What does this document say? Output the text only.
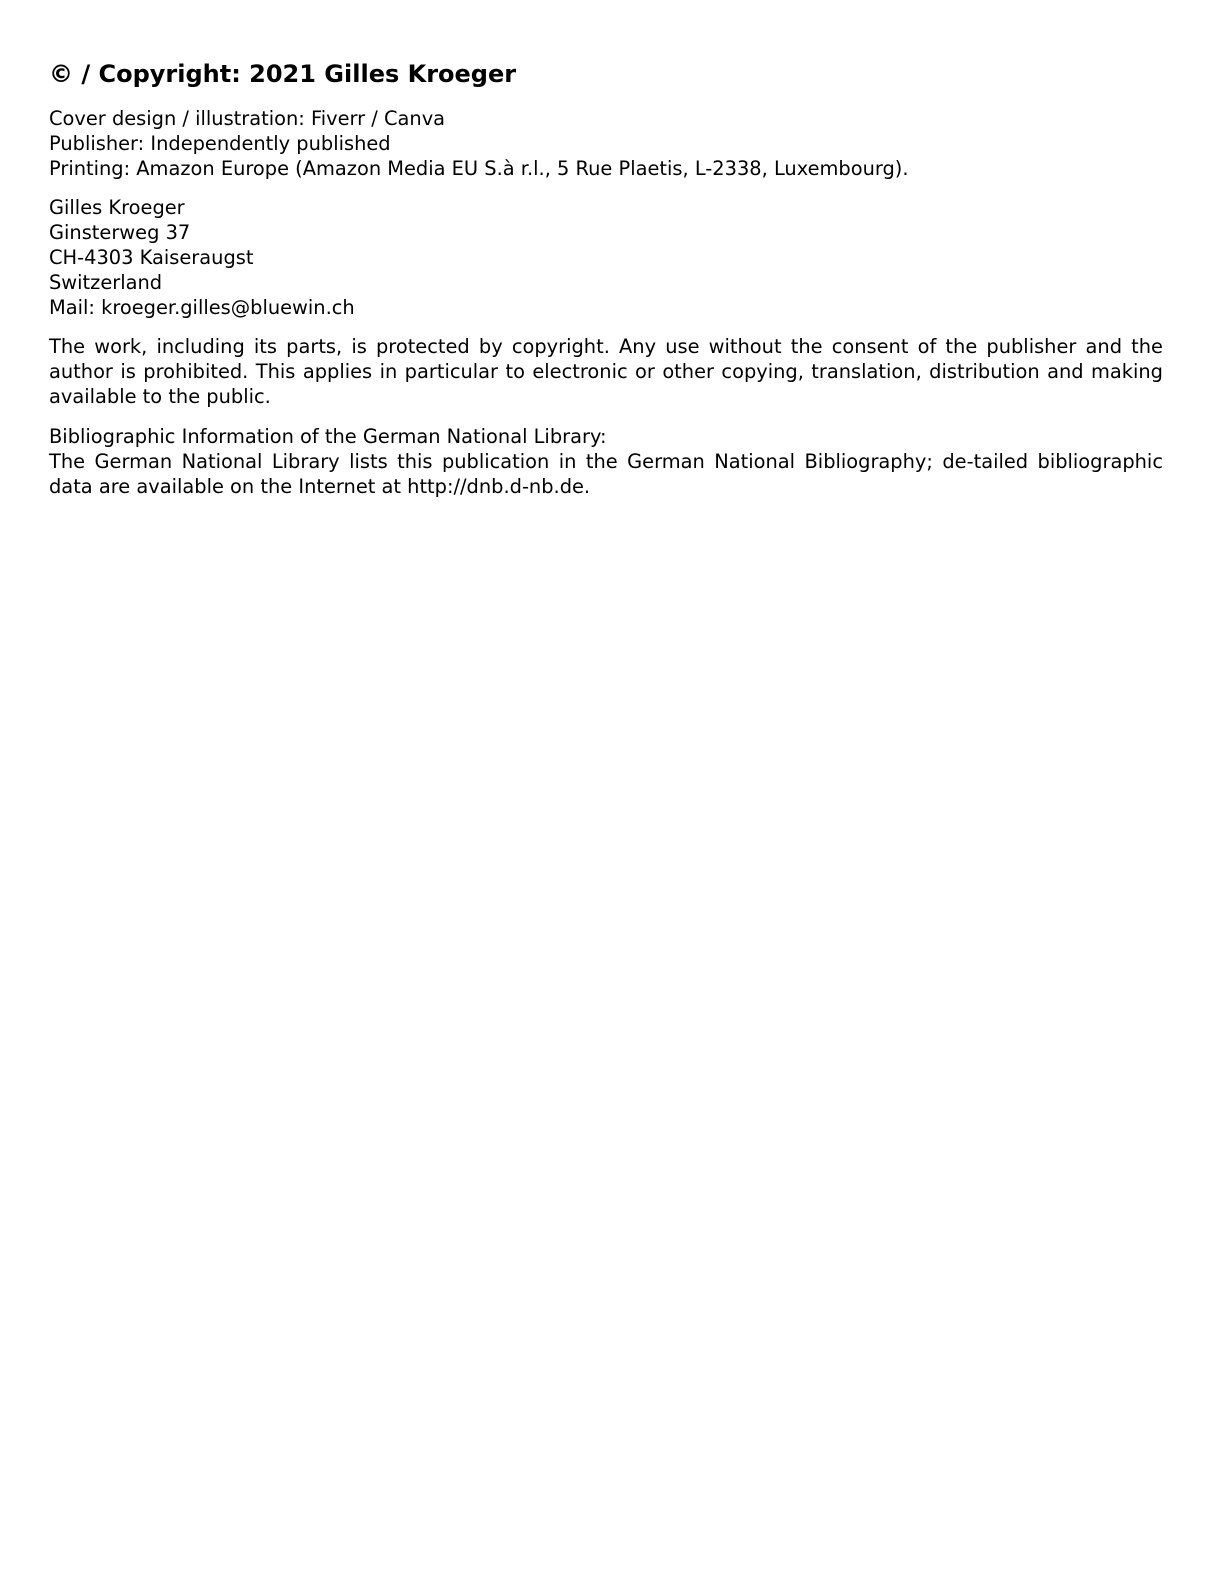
© / Copyright: 2021 Gilles Kroeger
Cover design / illustration: Fiverr / Canva
Publisher: Independently published
Printing: Amazon Europe (Amazon Media EU S.à r.l., 5 Rue Plaetis, L-2338, Luxembourg).
Gilles Kroeger
Ginsterweg 37
CH-4303 Kaiseraugst
Switzerland
Mail: kroeger.gilles@bluewin.ch

The work, including its parts, is protected by copyright. Any use without the consent of the publisher and the author is prohibited. This applies in particular to electronic or other copying, translation, distribution and making available to the public.

Bibliographic Information of the German National Library:
The German National Library lists this publication in the German National Bibliography; de-tailed bibliographic data are available on the Internet at http://dnb.d-nb.de.
